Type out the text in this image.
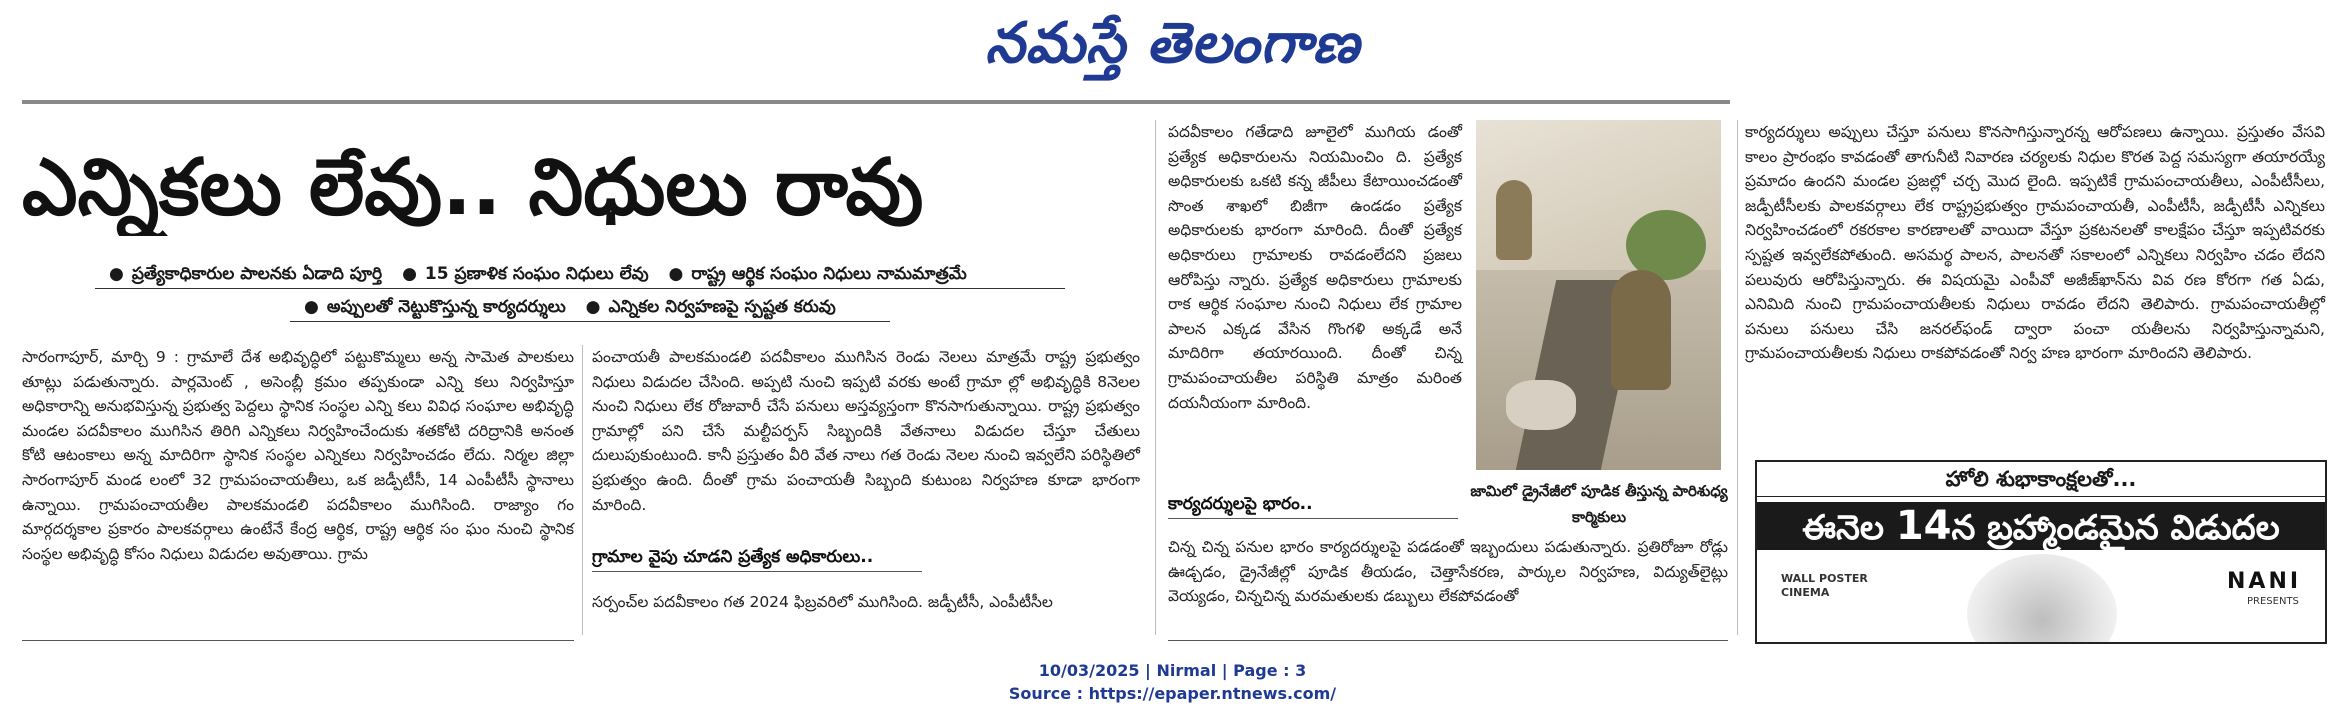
నమస్తే తెలంగాణ
ఎన్నికలు లేవు.. నిధులు రావు
● ప్రత్యేకాధికారుల పాలనకు ఏడాది పూర్తి ● 15 ప్రణాళిక సంఘం నిధులు లేవు ● రాష్ట్ర ఆర్థిక సంఘం నిధులు నామమాత్రమే
● అప్పులతో నెట్టుకొస్తున్న కార్యదర్శులు ● ఎన్నికల నిర్వహణపై స్పష్టత కరువు

సారంగాపూర్, మార్చి 9 : గ్రామాలే దేశ అభివృద్ధిలో పట్టుకొమ్మలు అన్న సామెత పాలకులు తూట్లు పడుతున్నారు. పార్లమెంట్ , అసెంబ్లీ క్రమం తప్పకుండా ఎన్ని కలు నిర్వహిస్తూ అధికారాన్ని అనుభవిస్తున్న ప్రభుత్వ పెద్దలు స్థానిక సంస్థల ఎన్ని కలు వివిధ సంఘాల అభివృద్ధి మండల పదవీకాలం ముగిసిన తిరిగి ఎన్నికలు నిర్వహించేందుకు శతకోటి దరిద్రానికి అనంత కోటి ఆటంకాలు అన్న మాదిరిగా స్థానిక సంస్థల ఎన్నికలు నిర్వహించడం లేదు. నిర్మల జిల్లా సారంగాపూర్ మండ లంలో 32 గ్రామపంచాయతీలు, ఒక జడ్పీటీసీ, 14 ఎంపీటీసీ స్థానాలు ఉన్నాయి. గ్రామపంచాయతీల పాలకమండలి పదవీకాలం ముగిసింది. రాజ్యాం గం మార్గదర్శకాల ప్రకారం పాలకవర్గాలు ఉంటేనే కేంద్ర ఆర్థిక, రాష్ట్ర ఆర్థిక సం ఘం నుంచి స్థానిక సంస్థల అభివృద్ధి కోసం నిధులు విడుదల అవుతాయి. గ్రామ

పంచాయతీ పాలకమండలి పదవీకాలం ముగిసిన రెండు నెలలు మాత్రమే రాష్ట్ర ప్రభుత్వం నిధులు విడుదల చేసింది. అప్పటి నుంచి ఇప్పటి వరకు అంటే గ్రామా ల్లో అభివృద్ధికి 8నెలల నుంచి నిధులు లేక రోజువారీ చేసే పనులు అస్తవ్యస్తంగా కొనసాగుతున్నాయి. రాష్ట్ర ప్రభుత్వం గ్రామాల్లో పని చేసే మల్టీపర్పస్ సిబ్బందికి వేతనాలు విడుదల చేస్తూ చేతులు దులుపుకుంటుంది. కానీ ప్రస్తుతం వీరి వేత నాలు గత రెండు నెలల నుంచి ఇవ్వలేని పరిస్థితిలో ప్రభుత్వం ఉంది. దీంతో గ్రామ పంచాయతీ సిబ్బంది కుటుంబ నిర్వహణ కూడా భారంగా మారింది.

గ్రామాల వైపు చూడని ప్రత్యేక అధికారులు..

సర్పంచ్‌ల పదవీకాలం గత 2024 ఫిబ్రవరిలో ముగిసింది. జడ్పీటీసీ, ఎంపీటీసీల

పదవీకాలం గతేడాది జూలైలో ముగియ డంతో ప్రత్యేక అధికారులను నియమించిం ది. ప్రత్యేక అధికారులకు ఒకటి కన్న జీపీలు కేటాయించడంతో సొంత శాఖలో బిజీగా ఉండడం ప్రత్యేక అధికారులకు భారంగా మారింది. దీంతో ప్రత్యేక అధికారులు గ్రామాలకు రావడంలేదని ప్రజలు ఆరోపిస్తు న్నారు. ప్రత్యేక అధికారులు గ్రామాలకు రాక ఆర్థిక సంఘాల నుంచి నిధులు లేక గ్రామాల పాలన ఎక్కడ వేసిన గొంగళి అక్కడే అనే మాదిరిగా తయారయింది. దీంతో చిన్న గ్రామపంచాయతీల పరిస్థితి మాత్రం మరింత దయనీయంగా మారింది.

జామిలో డ్రైనేజీలో పూడిక తీస్తున్న పారిశుధ్య కార్మికులు
కార్యదర్శులపై భారం..

చిన్న చిన్న పనుల భారం కార్యదర్శులపై పడడంతో ఇబ్బందులు పడుతున్నారు. ప్రతిరోజూ రోడ్లు ఊడ్చడం, డ్రైనేజీల్లో పూడిక తీయడం, చెత్తాసేకరణ, పార్కుల నిర్వహణ, విద్యుత్‌లైట్లు వెయ్యడం, చిన్నచిన్న మరమతులకు డబ్బులు లేకపోవడంతో

కార్యదర్శులు అప్పులు చేస్తూ పనులు కొనసాగిస్తున్నారన్న ఆరోపణలు ఉన్నాయి. ప్రస్తుతం వేసవి కాలం ప్రారంభం కావడంతో తాగునీటి నివారణ చర్యలకు నిధుల కొరత పెద్ద సమస్యగా తయారయ్యే ప్రమాదం ఉందని మండల ప్రజల్లో చర్చ మొద లైంది. ఇప్పటికే గ్రామపంచాయతీలు, ఎంపీటీసీలు, జడ్పీటీసీలకు పాలకవర్గాలు లేక రాష్ట్రప్రభుత్వం గ్రామపంచాయతీ, ఎంపీటీసీ, జడ్పీటీసీ ఎన్నికలు నిర్వహించడంలో రకరకాల కారణాలతో వాయిదా వేస్తూ ప్రకటనలతో కాలక్షేపం చేస్తూ ఇప్పటివరకు స్పష్టత ఇవ్వలేకపోతుంది. అసమర్థ పాలన, పాలనతో సకాలంలో ఎన్నికలు నిర్వహిం చడం లేదని పలువురు ఆరోపిస్తున్నారు. ఈ విషయమై ఎంపీవో అజీజ్‌ఖాన్‌ను వివ రణ కోరగా గత ఏడు, ఎనిమిది నుంచి గ్రామపంచాయతీలకు నిధులు రావడం లేదని తెలిపారు. గ్రామపంచాయతీల్లో పనులు పనులు చేసి జనరల్‌ఫండ్ ద్వారా పంచా యతీలను నిర్వహిస్తున్నామని, గ్రామపంచాయతీలకు నిధులు రాకపోవడంతో నిర్వ హణ భారంగా మారిందని తెలిపారు.

హోలి శుభాకాంక్షలతో...
ఈనెల 14న బ్రహ్మాండమైన విడుదల
WALL POSTER
CINEMA	NANI
PRESENTS
10/03/2025 | Nirmal | Page : 3
Source : https://epaper.ntnews.com/
